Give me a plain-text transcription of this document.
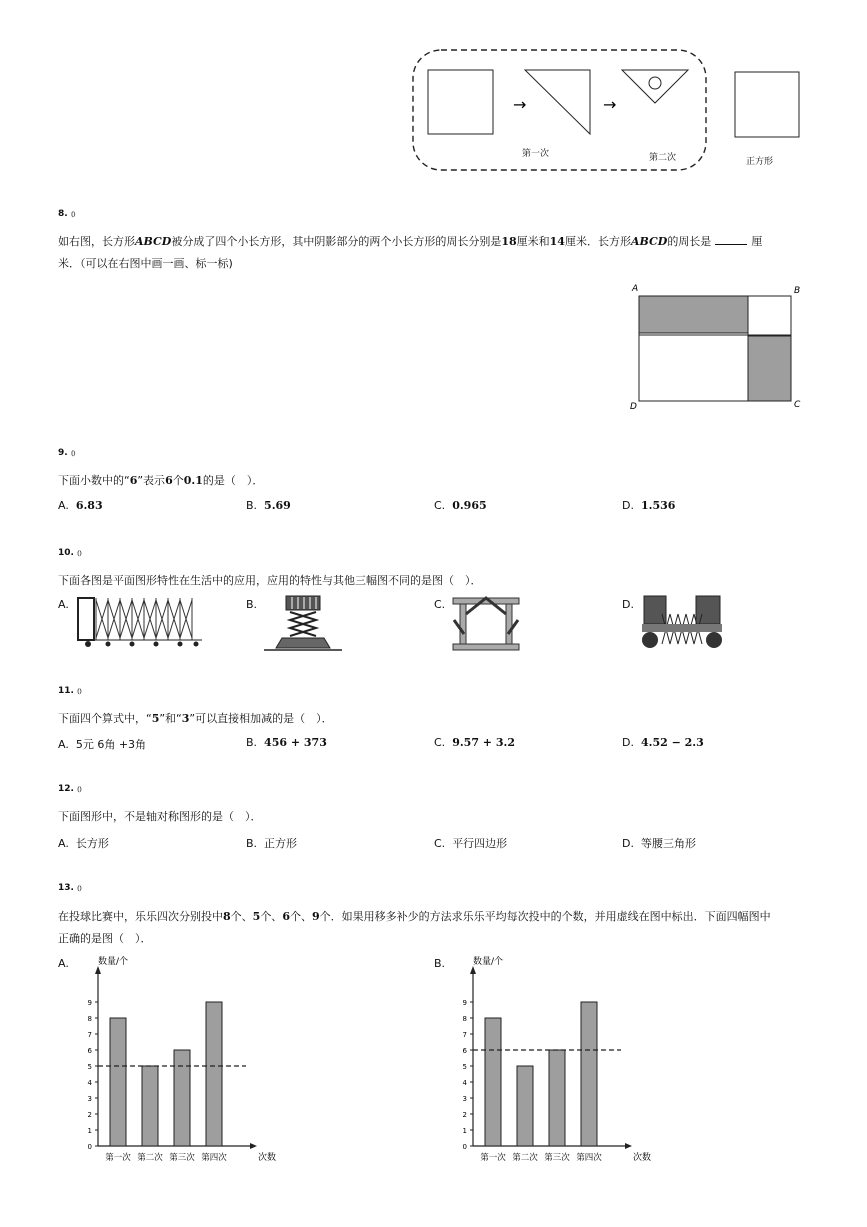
→	→
第一次	第二次	正方形
8. ⦅⦆
如右图，长方形ABCD被分成了四个小长方形，其中阴影部分的两个小长方形的周长分别是18厘米和14厘米．长方形ABCD的周长是	厘
米．（可以在右图中画一画、标一标)
A	B
C
D
9. ⦅⦆
下面小数中的“6”表示6个0.1的是（　）．
A. 6.83	B. 5.69	C. 0.965	D. 1.536
10. ⦅⦆
下面各图是平面图形特性在生活中的应用，应用的特性与其他三幅图不同的是图（　）．
A.	B.	C.	D.
11. ⦅⦆
下面四个算式中，“5”和“3”可以直接相加减的是（　）．
A. 5元 6角 +3角	B. 456 + 373	C. 9.57 + 3.2	D. 4.52 − 2.3
12. ⦅⦆
下面图形中，不是轴对称图形的是（　）．
A. 长方形	B. 正方形	C. 平行四边形	D. 等腰三角形
13. ⦅⦆
在投球比赛中，乐乐四次分别投中8个、5个、6个、9个．如果用移多补少的方法求乐乐平均每次投中的个数，并用虚线在图中标出．下面四幅图中
正确的是图（　）．
A.	B.
数量/个
0
1
2
3
4
5
6
7
8
9
第一次 第二次 第三次 第四次	次数
数量/个
0
1
2
3
4
5
6
7
8
9
第一次 第二次 第三次 第四次	次数
